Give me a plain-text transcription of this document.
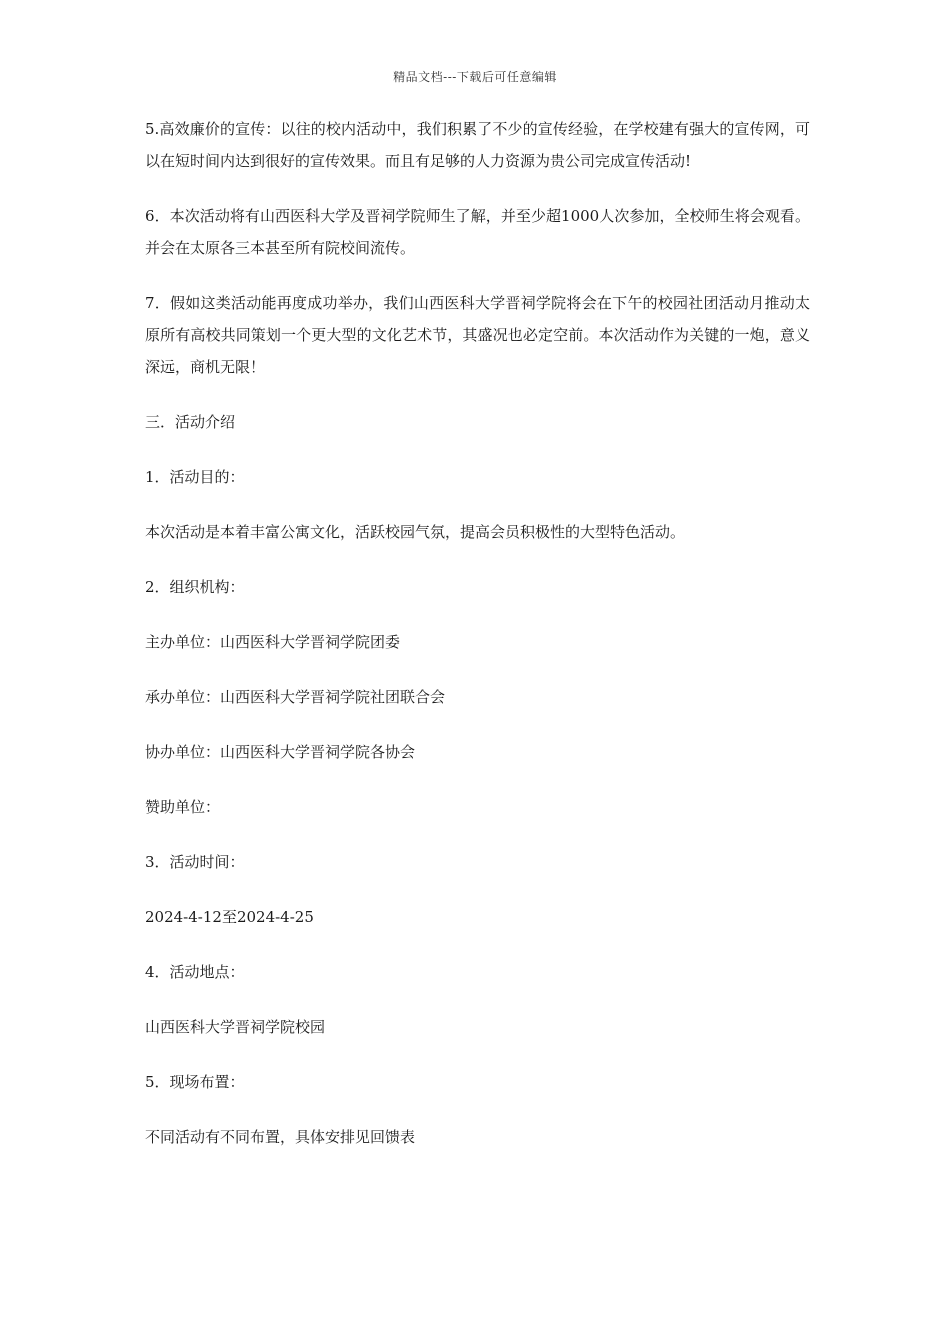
精品文档---下载后可任意编辑

5.高效廉价的宣传：以往的校内活动中，我们积累了不少的宣传经验，在学校建有强大的宣传网，可以在短时间内达到很好的宣传效果。而且有足够的人力资源为贵公司完成宣传活动!

6．本次活动将有山西医科大学及晋祠学院师生了解，并至少超1000人次参加，全校师生将会观看。并会在太原各三本甚至所有院校间流传。

7．假如这类活动能再度成功举办，我们山西医科大学晋祠学院将会在下午的校园社团活动月推动太原所有高校共同策划一个更大型的文化艺术节，其盛况也必定空前。本次活动作为关键的一炮，意义深远，商机无限！

三．活动介绍

1．活动目的：

本次活动是本着丰富公寓文化，活跃校园气氛，提高会员积极性的大型特色活动。

2．组织机构：

主办单位：山西医科大学晋祠学院团委

承办单位：山西医科大学晋祠学院社团联合会

协办单位：山西医科大学晋祠学院各协会

赞助单位：

3．活动时间：

2024-4-12至2024-4-25

4．活动地点：

山西医科大学晋祠学院校园

5．现场布置：

不同活动有不同布置，具体安排见回馈表
